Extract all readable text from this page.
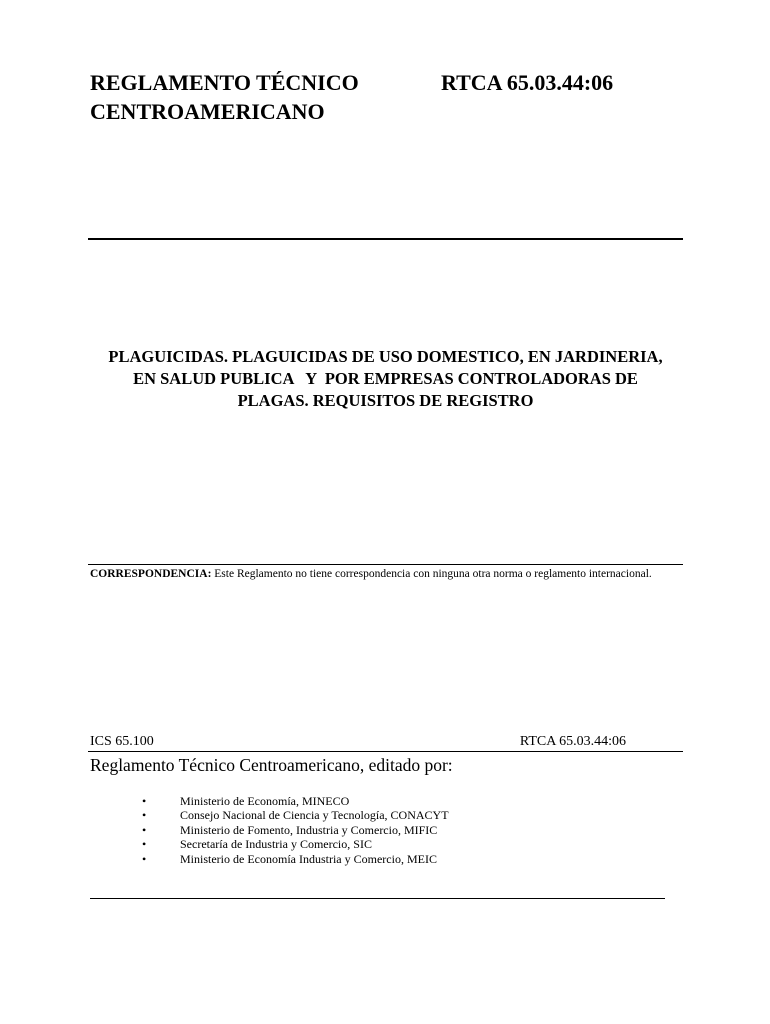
REGLAMENTO TÉCNICO
CENTROAMERICANO
RTCA 65.03.44:06
PLAGUICIDAS. PLAGUICIDAS DE USO DOMESTICO, EN JARDINERIA,
EN SALUD PUBLICA   Y  POR EMPRESAS CONTROLADORAS DE
PLAGAS. REQUISITOS DE REGISTRO
CORRESPONDENCIA: Este Reglamento no tiene correspondencia con ninguna otra norma o reglamento internacional.
ICS 65.100	RTCA 65.03.44:06
Reglamento Técnico Centroamericano, editado por:
•	Ministerio de Economía, MINECO
•	Consejo Nacional de Ciencia y Tecnología, CONACYT
•	Ministerio de Fomento, Industria y Comercio, MIFIC
•	Secretaría de Industria y Comercio, SIC
•	Ministerio de Economía Industria y Comercio, MEIC
